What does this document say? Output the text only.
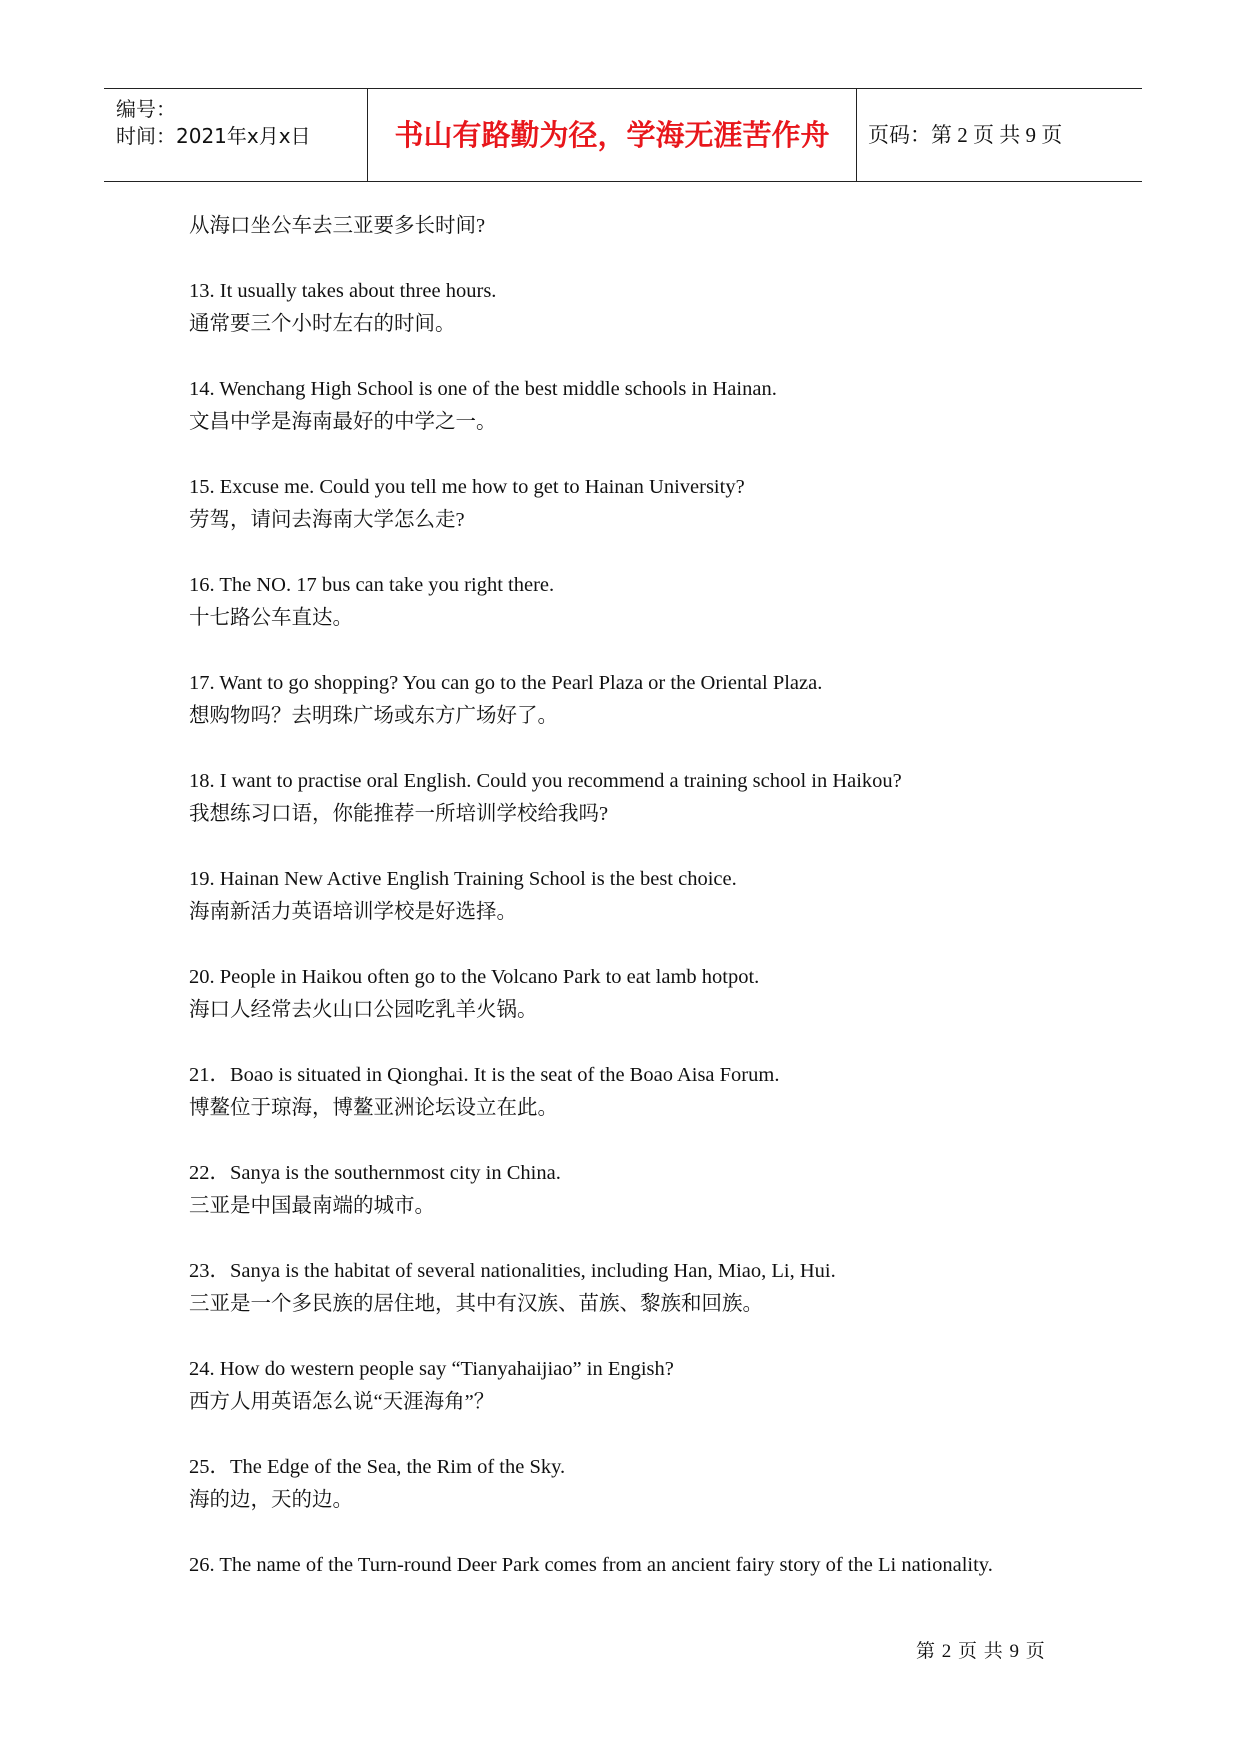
编号：
时间：2021年x月x日	书山有路勤为径，学海无涯苦作舟	页码：第 2 页 共 9 页
从海口坐公车去三亚要多长时间?
13. It usually takes about three hours.
通常要三个小时左右的时间。
14. Wenchang High School is one of the best middle schools in Hainan.
文昌中学是海南最好的中学之一。
15. Excuse me. Could you tell me how to get to Hainan University?
劳驾，请问去海南大学怎么走?
16. The NO. 17 bus can take you right there.
十七路公车直达。
17. Want to go shopping? You can go to the Pearl Plaza or the Oriental Plaza.
想购物吗？去明珠广场或东方广场好了。
18. I want to practise oral English. Could you recommend a training school in Haikou?
我想练习口语，你能推荐一所培训学校给我吗?
19. Hainan New Active English Training School is the best choice.
海南新活力英语培训学校是好选择。
20. People in Haikou often go to the Volcano Park to eat lamb hotpot.
海口人经常去火山口公园吃乳羊火锅。
21．Boao is situated in Qionghai. It is the seat of the Boao Aisa Forum.
博鳌位于琼海，博鳌亚洲论坛设立在此。
22．Sanya is the southernmost city in China.
三亚是中国最南端的城市。
23．Sanya is the habitat of several nationalities, including Han, Miao, Li, Hui.
三亚是一个多民族的居住地，其中有汉族、苗族、黎族和回族。
24. How do western people say “Tianyahaijiao” in Engish?
西方人用英语怎么说“天涯海角”？
25．The Edge of the Sea, the Rim of the Sky.
海的边，天的边。
26. The name of the Turn-round Deer Park comes from an ancient fairy story of the Li nationality.
第 2 页 共 9 页
